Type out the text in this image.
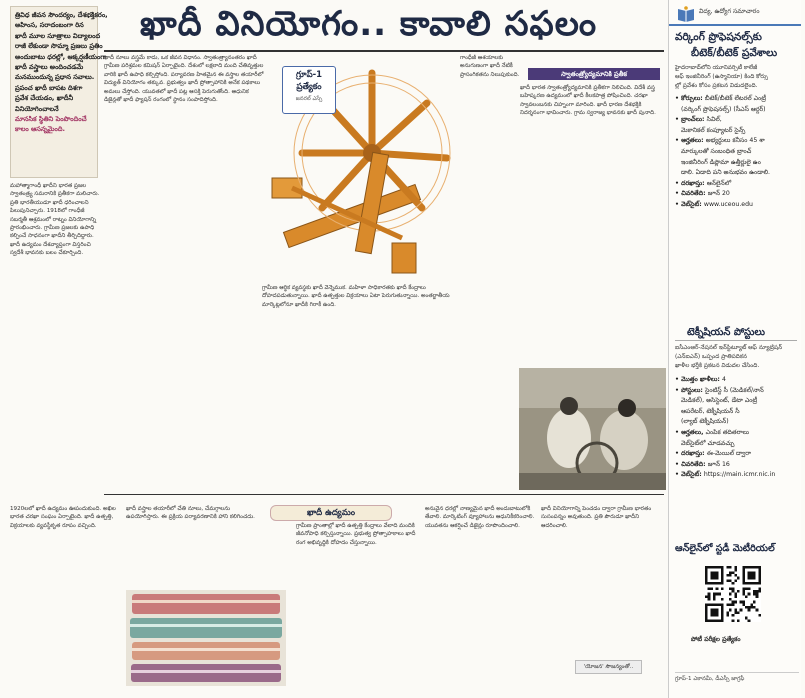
త్రివిధ జీవన సౌందర్యం, దేశభక్తికరం,
అహింస, సరాదంబంగా రిన
ఖాదీ మూల సూత్రాలు విద్యాలంద
రాజీ లేకుండా సొమ్మా ప్రజలు ప్రతిం
అందుబాటు ధరల్లో, ఆక్కర్షణీయంగా
ఖాదీ వస్త్రాలు అందించడమే
మనముందున్న ప్రధాన సవాలు.
ప్రపంచ ఖాదీ బాపట దిశగా
ప్రవేశ చేయడం, ఖాదీనీ
వినియోగించాలనే
మానసిక స్థితిని పెంపొందించే
కాలం ఆసన్నమైంది.
ఖాదీ వినియోగం.. కావాలి సఫలం
గ్రూప్-1
ప్రత్యేకం
జనరల్ ఎస్సే
మహాత్మాగాంధీ ఖాదీని భారత ప్రజల స్వాతంత్ర్య సమరానికి ప్రతీకగా మలిచారు. ప్రతి భారతీయుడూ ఖాదీ ధరించాలని పిలుపునిచ్చారు. 1918లో గాంధీజీ సబర్మతీ ఆశ్రమంలో రాట్నం వినియోగాన్ని ప్రారంభించారు. గ్రామీణ ప్రజలకు ఉపాధి కల్పించే సాధనంగా ఖాదీని తీర్చిదిద్దారు. ఖాదీ ఉద్యమం దేశవ్యాప్తంగా విస్తరించి స్వదేశీ భావనకు బలం చేకూర్చింది.
ఖాదీ నూలు వస్త్రమే కాదు, ఒక జీవన విధానం. స్వాతంత్ర్యానంతరం ఖాదీ గ్రామీణ పరిశ్రమల కమిషన్ ఏర్పాటైంది. దేశంలో లక్షలాది మంది చేతివృత్తుల వారికి ఖాదీ ఉపాధి కల్పిస్తోంది. పర్యావరణ హితమైన ఈ వస్త్రాల తయారీలో విద్యుత్ వినియోగం తక్కువ. ప్రభుత్వం ఖాదీ ప్రోత్సాహానికి అనేక పథకాలు అమలు చేస్తోంది. యువతలో ఖాదీ పట్ల ఆసక్తి పెరుగుతోంది. ఆధునిక డిజైన్లతో ఖాదీ ఫ్యాషన్ రంగంలో స్థానం సంపాదిస్తోంది.
గ్రామీణ ఆర్థిక వ్యవస్థకు ఖాదీ వెన్నెముక. మహిళా సాధికారతకు ఖాదీ కేంద్రాలు దోహదపడుతున్నాయి. ఖాదీ ఉత్పత్తుల విక్రయాలు ఏటా పెరుగుతున్నాయి. అంతర్జాతీయ మార్కెట్లలోనూ ఖాదీకి గిరాకీ ఉంది.
గాంధీజీ ఆశయాలకు అనుగుణంగా ఖాదీ నేటికీ ప్రాసంగికతను నిలుపుకుంది.
ఖాదీ భారత స్వాతంత్ర్యోద్యమానికి ప్రతీకగా నిలిచింది. విదేశీ వస్త్ర బహిష్కరణ ఉద్యమంలో ఖాదీ కీలకపాత్ర పోషించింది. చరఖా స్వావలంబనకు చిహ్నంగా మారింది. ఖాదీ ధారణ దేశభక్తికి నిదర్శనంగా భావించారు. గ్రామ స్వరాజ్య భావనకు ఖాదీ పునాది.
స్వాతంత్ర్యోద్యమానికి ప్రతీక
ఖాదీ ఉద్యమం
1920లలో ఖాదీ ఉద్యమం ఊపందుకుంది. అఖిల భారత చరఖా సంఘం ఏర్పాటైంది. ఖాదీ ఉత్పత్తి, విక్రయాలకు వ్యవస్థీకృత రూపం వచ్చింది.
ఖాదీ వస్త్రాల తయారీలో చేతి నూలు, చేమగ్గాలను ఉపయోగిస్తారు. ఈ ప్రక్రియ పర్యావరణానికి హాని కలిగించదు.
గ్రామీణ ప్రాంతాల్లో ఖాదీ ఉత్పత్తి కేంద్రాలు వేలాది మందికి జీవనోపాధి కల్పిస్తున్నాయి. ప్రభుత్వ ప్రోత్సాహకాలు ఖాదీ రంగ అభివృద్ధికి దోహదం చేస్తున్నాయి.
అనువైన ధరల్లో నాణ్యమైన ఖాదీ అందుబాటులోకి తేవాలి. మార్కెటింగ్ వ్యూహాలను ఆధునికీకరించాలి. యువతను ఆకర్షించే డిజైన్లు రూపొందించాలి.
ఖాదీ వినియోగాన్ని పెంచడం ద్వారా గ్రామీణ భారతం సుసంపన్నం అవుతుంది. ప్రతి పౌరుడూ ఖాదీని ఆదరించాలి.
'యోజన' సౌజన్యంతో..
విద్య, ఉద్యోగ సమాచారం
వర్కింగ్ ప్రొఫెషనల్స్‌కు
బీటెక్/బీటెక్ ప్రవేశాలు
టెక్నీషియన్ పోస్టులు
ఆన్‌లైన్‌లో స్టడీ మెటీరియల్
పోటీ పరీక్షల ప్రత్యేకం
గ్రూప్-1 ఎకానమీ, డీఎస్సీ జాగ్రఫీ
హైదరాబాద్‌లోని యూనివర్సిటీ కాలేజీ
ఆఫ్ ఇంజినీరింగ్ (ఉస్మానియా) కింది కోర్సు
ల్లో ప్రవేశం కోసం ప్రకటన విడుదలైంది.
• కోర్సులు: బీటెక్/బీటెక్ లేటరల్ ఎంట్రీ
(వర్కింగ్ ప్రొఫెషనల్స్) (సీఎస్ ఆర్డర్)
• బ్రాంచ్‌లు: సివిల్,
మెకానికల్ కంప్యూటర్ సైన్స్
• అర్హతలు: అభ్యర్థులు కనీసం 45 శా
మార్కులతో సంబంధిత బ్రాంచ్
ఇంజినీరింగ్ డిప్లొమా ఉత్తీర్ణులై ఉం
డాలి. ఏడాది పని అనుభవం ఉండాలి.
• దరఖాస్తు: ఆన్‌లైన్‌లో
• చివరితేది: జూన్ 20
• వెబ్‌సైట్: www.uceou.edu
ఐసీఎంఆర్-నేషనల్ ఇన్‌స్టిట్యూట్ ఆఫ్ న్యూట్రిషన్
(ఎన్‌ఐఎన్) ఒప్పంద ప్రాతిపదికన
ఖాళీల భర్తీకి ప్రకటన విడుదల చేసింది.
• మొత్తం ఖాళీలు: 4
• పోస్టులు: సైంటిస్ట్ సీ (మెడికల్/నాన్
మెడికల్), అసిస్టెంట్, డేటా ఎంట్రీ
ఆపరేటర్, టెక్నీషియన్ సీ
(ల్యాబ్ టెక్నీషియన్)
• అర్హతలు, ఎంపిక తదితరాలు
వెబ్‌సైట్‌లో చూడవచ్చు
• దరఖాస్తు: ఈ-మెయిల్ ద్వారా
• చివరితేది: జూన్ 16
• వెబ్‌సైట్: https://main.icmr.nic.in
